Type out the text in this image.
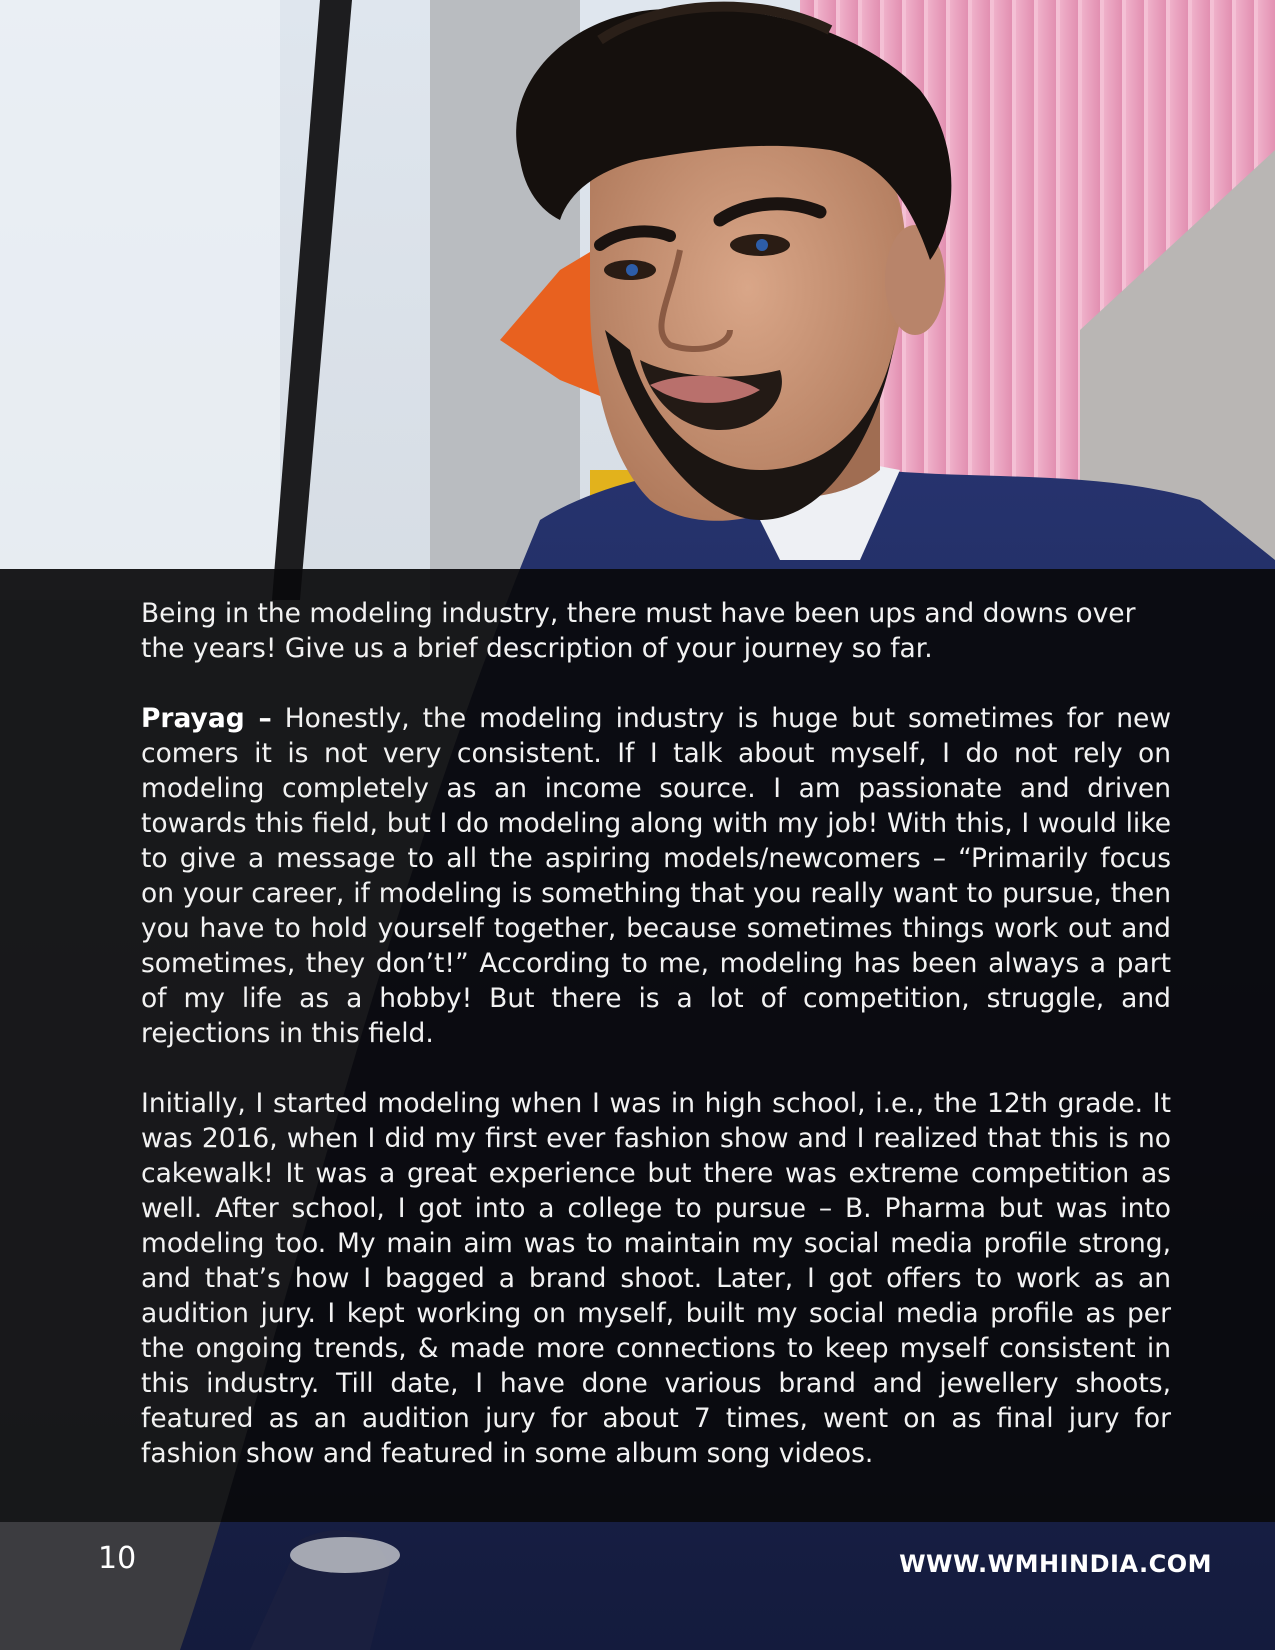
Being in the modeling industry, there must have been ups and downs over the years! Give us a brief description of your journey so far.

Prayag – Honestly, the modeling industry is huge but sometimes for new comers it is not very consistent. If I talk about myself, I do not rely on modeling completely as an income source. I am passionate and driven towards this field, but I do modeling along with my job! With this, I would like to give a message to all the aspiring models/newcomers – “Primarily focus on your career, if modeling is something that you really want to pursue, then you have to hold yourself together, because sometimes things work out and sometimes, they don’t!” According to me, modeling has been always a part of my life as a hobby! But there is a lot of competition, struggle, and rejections in this field.

Initially, I started modeling when I was in high school, i.e., the 12th grade. It was 2016, when I did my first ever fashion show and I realized that this is no cakewalk! It was a great experience but there was extreme competition as well. After school, I got into a college to pursue – B. Pharma but was into modeling too. My main aim was to maintain my social media profile strong, and that’s how I bagged a brand shoot. Later, I got offers to work as an audition jury. I kept working on myself, built my social media profile as per the ongoing trends, & made more connections to keep myself consistent in this industry. Till date, I have done various brand and jewellery shoots, featured as an audition jury for about 7 times, went on as final jury for fashion show and featured in some album song videos.

10	WWW.WMHINDIA.COM
